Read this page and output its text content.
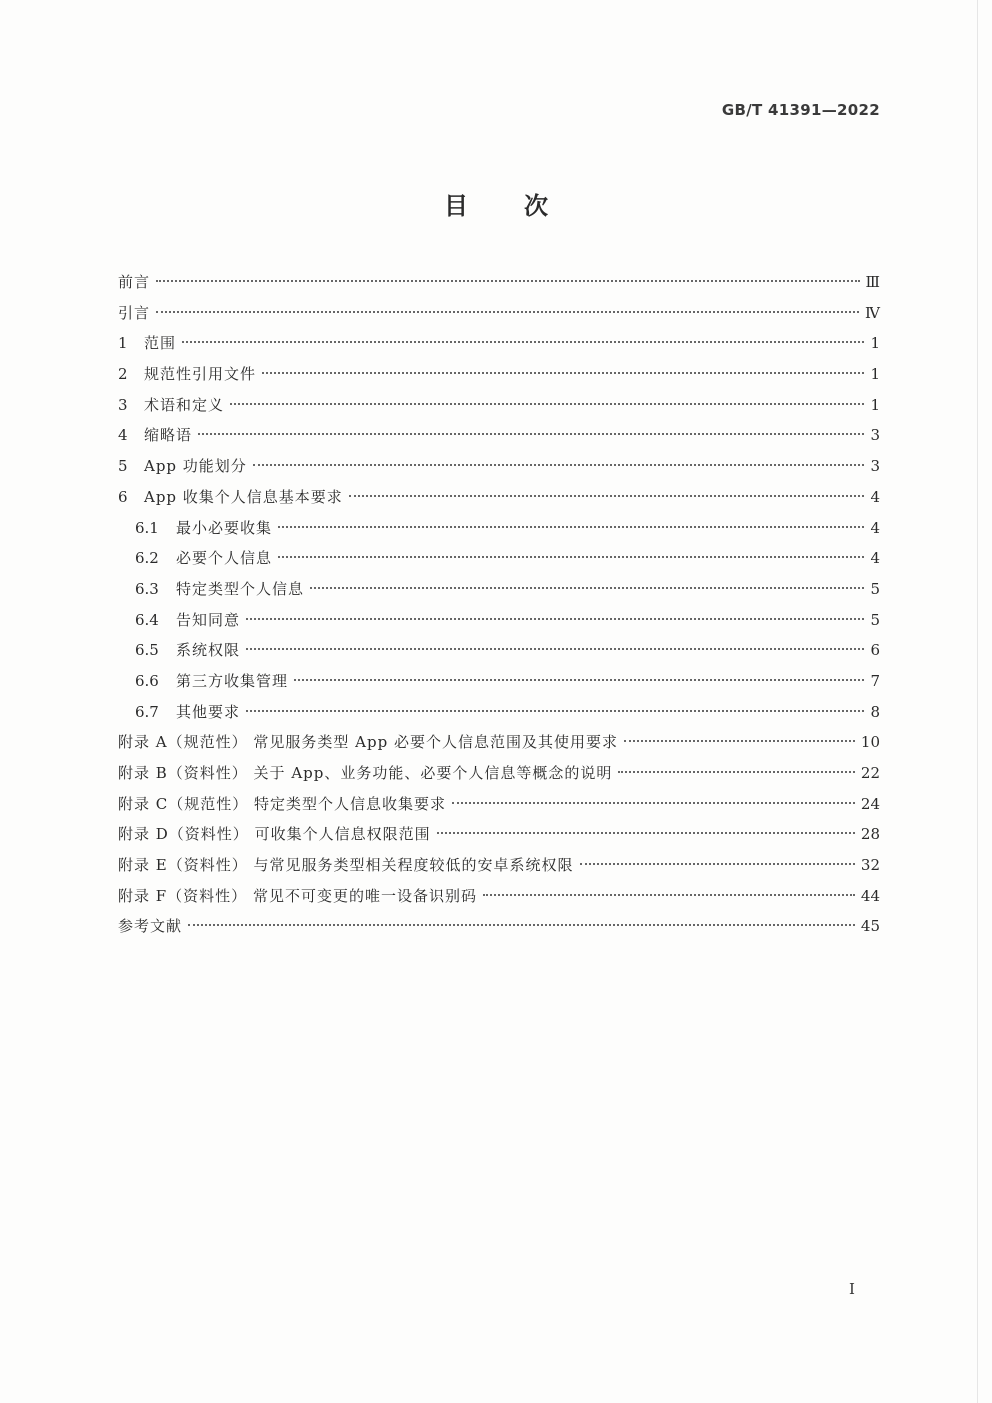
GB/T 41391—2022
目 次
前言	Ⅲ
引言	Ⅳ
1	范围	1
2	规范性引用文件	1
3	术语和定义	1
4	缩略语	3
5	App 功能划分	3
6	App 收集个人信息基本要求	4
6.1	最小必要收集	4
6.2	必要个人信息	4
6.3	特定类型个人信息	5
6.4	告知同意	5
6.5	系统权限	6
6.6	第三方收集管理	7
6.7	其他要求	8
附录 A（规范性） 常见服务类型 App 必要个人信息范围及其使用要求	10
附录 B（资料性） 关于 App、业务功能、必要个人信息等概念的说明	22
附录 C（规范性） 特定类型个人信息收集要求	24
附录 D（资料性） 可收集个人信息权限范围	28
附录 E（资料性） 与常见服务类型相关程度较低的安卓系统权限	32
附录 F（资料性） 常见不可变更的唯一设备识别码	44
参考文献	45
I
